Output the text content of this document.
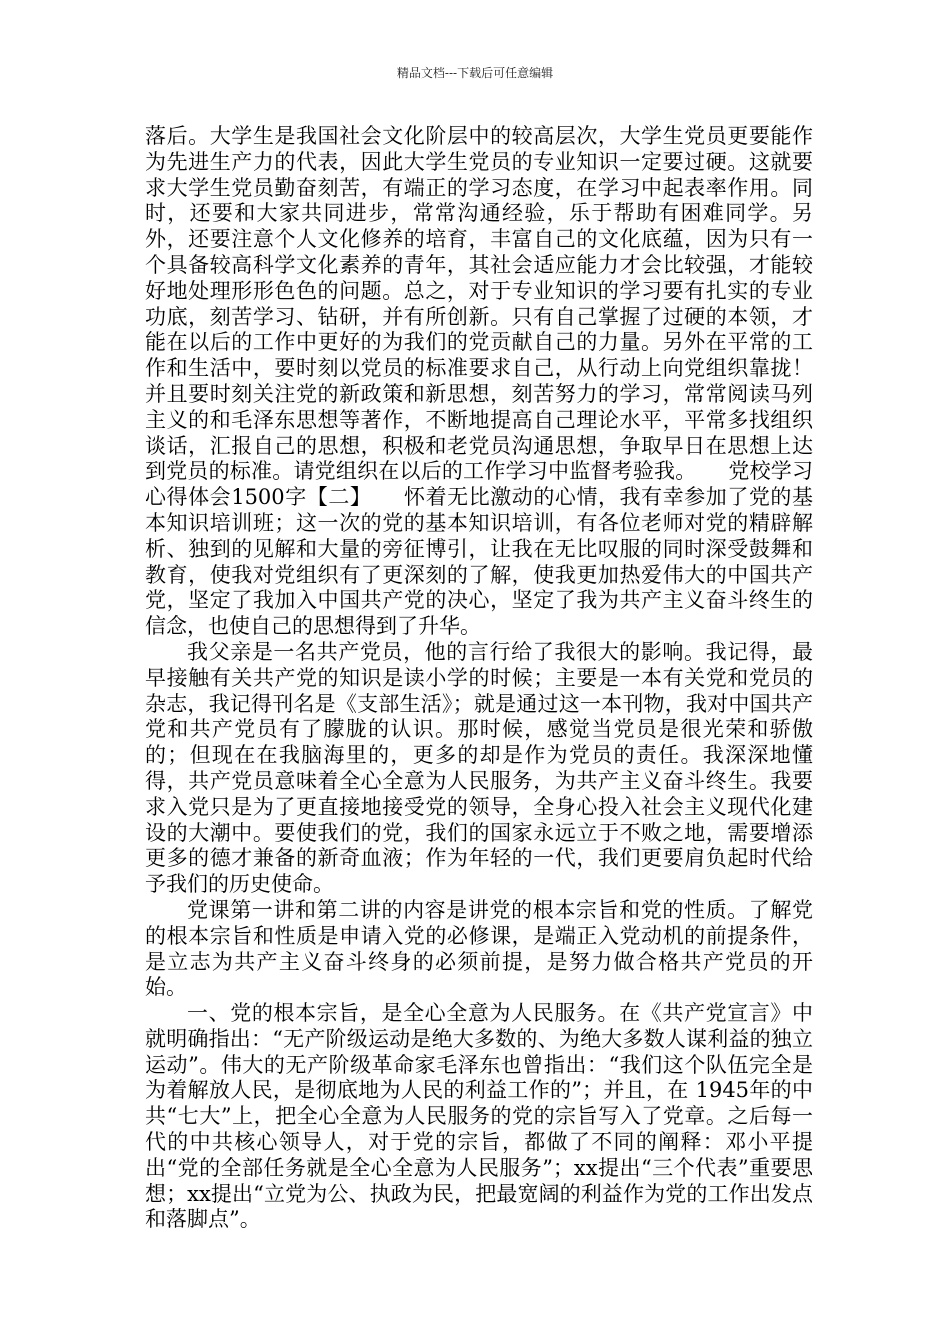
精品文档---下载后可任意编辑

落后。大学生是我国社会文化阶层中的较高层次，大学生党员更要能作为先进生产力的代表，因此大学生党员的专业知识一定要过硬。这就要求大学生党员勤奋刻苦，有端正的学习态度，在学习中起表率作用。同时，还要和大家共同进步，常常沟通经验，乐于帮助有困难同学。另外，还要注意个人文化修养的培育，丰富自己的文化底蕴，因为只有一个具备较高科学文化素养的青年，其社会适应能力才会比较强，才能较好地处理形形色色的问题。总之，对于专业知识的学习要有扎实的专业功底，刻苦学习、钻研，并有所创新。只有自己掌握了过硬的本领，才能在以后的工作中更好的为我们的党贡献自己的力量。另外在平常的工作和生活中，要时刻以党员的标准要求自己，从行动上向党组织靠拢！并且要时刻关注党的新政策和新思想，刻苦努力的学习，常常阅读马列主义的和毛泽东思想等著作，不断地提高自己理论水平，平常多找组织谈话，汇报自己的思想，积极和老党员沟通思想，争取早日在思想上达到党员的标准。请党组织在以后的工作学习中监督考验我。　　党校学习心得体会1500字【二】　　怀着无比激动的心情，我有幸参加了党的基本知识培训班；这一次的党的基本知识培训，有各位老师对党的精辟解析、独到的见解和大量的旁征博引，让我在无比叹服的同时深受鼓舞和教育，使我对党组织有了更深刻的了解，使我更加热爱伟大的中国共产党，坚定了我加入中国共产党的决心，坚定了我为共产主义奋斗终生的信念，也使自己的思想得到了升华。

我父亲是一名共产党员，他的言行给了我很大的影响。我记得，最早接触有关共产党的知识是读小学的时候；主要是一本有关党和党员的杂志，我记得刊名是《支部生活》；就是通过这一本刊物，我对中国共产党和共产党员有了朦胧的认识。那时候，感觉当党员是很光荣和骄傲的；但现在在我脑海里的，更多的却是作为党员的责任。我深深地懂得，共产党员意味着全心全意为人民服务，为共产主义奋斗终生。我要求入党只是为了更直接地接受党的领导，全身心投入社会主义现代化建设的大潮中。要使我们的党，我们的国家永远立于不败之地，需要增添更多的德才兼备的新奇血液；作为年轻的一代，我们更要肩负起时代给予我们的历史使命。

党课第一讲和第二讲的内容是讲党的根本宗旨和党的性质。了解党的根本宗旨和性质是申请入党的必修课，是端正入党动机的前提条件，是立志为共产主义奋斗终身的必须前提，是努力做合格共产党员的开始。

一、党的根本宗旨，是全心全意为人民服务。在《共产党宣言》中就明确指出：“无产阶级运动是绝大多数的、为绝大多数人谋利益的独立运动”。伟大的无产阶级革命家毛泽东也曾指出：“我们这个队伍完全是为着解放人民，是彻底地为人民的利益工作的”；并且，在 1945年的中共“七大”上，把全心全意为人民服务的党的宗旨写入了党章。之后每一代的中共核心领导人，对于党的宗旨，都做了不同的阐释：邓小平提出“党的全部任务就是全心全意为人民服务”；xx提出“三个代表”重要思想；xx提出“立党为公、执政为民，把最宽阔的利益作为党的工作出发点和落脚点”。
